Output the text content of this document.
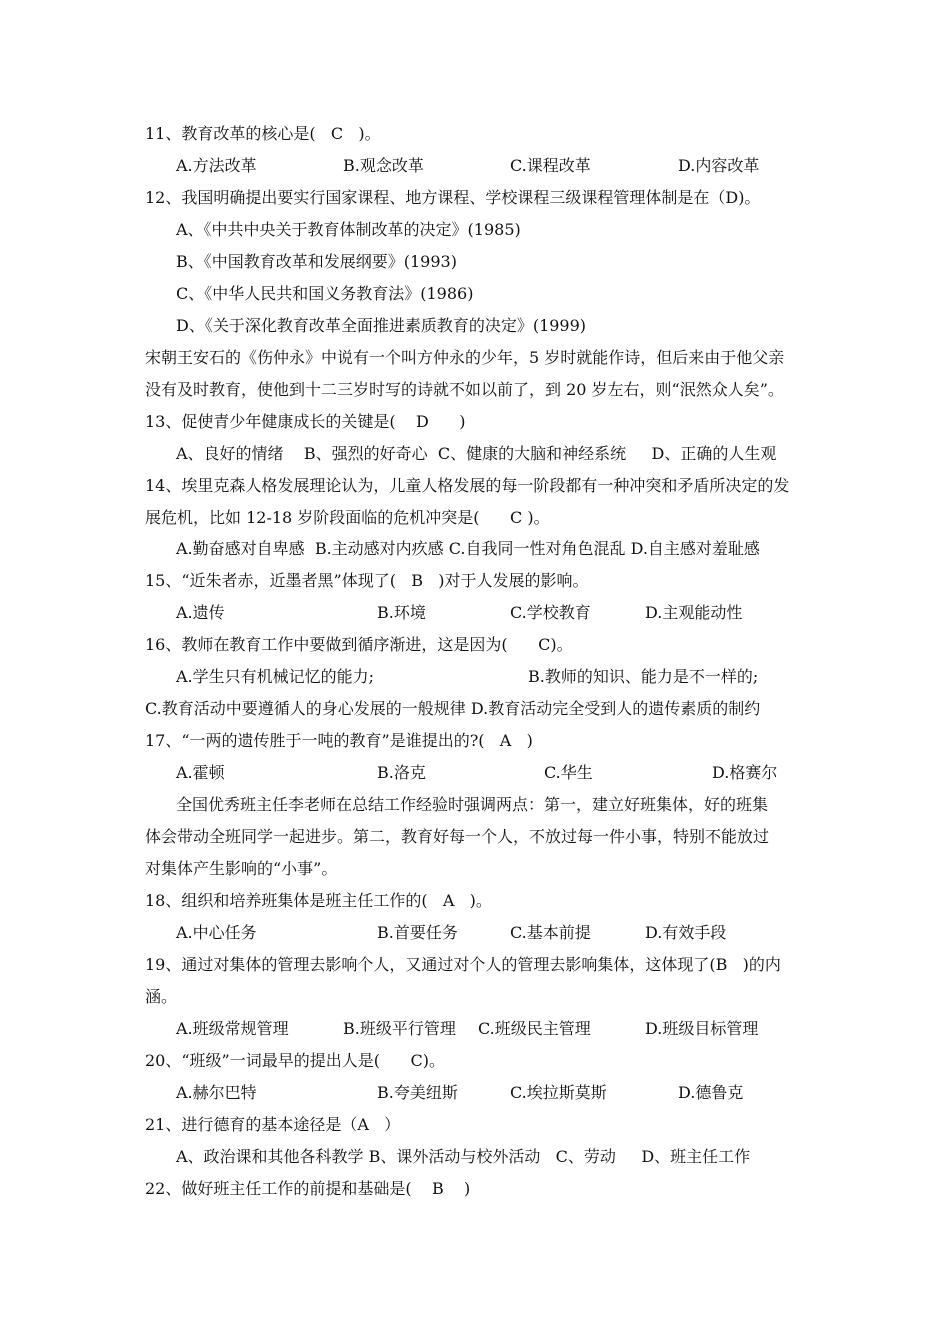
11、教育改革的核心是(   C   )。
A.方法改革	B.观念改革	C.课程改革	D.内容改革
12、我国明确提出要实行国家课程、地方课程、学校课程三级课程管理体制是在（D)。
A、《中共中央关于教育体制改革的决定》(1985)
B、《中国教育改革和发展纲要》(1993)
C、《中华人民共和国义务教育法》(1986)
D、《关于深化教育改革全面推进素质教育的决定》(1999)
宋朝王安石的《伤仲永》中说有一个叫方仲永的少年，5 岁时就能作诗，但后来由于他父亲
没有及时教育，使他到十二三岁时写的诗就不如以前了，到 20 岁左右，则“泯然众人矣”。
13、促使青少年健康成长的关键是(    D      )
A、良好的情绪    B、强烈的好奇心  C、健康的大脑和神经系统     D、正确的人生观
14、埃里克森人格发展理论认为，儿童人格发展的每一阶段都有一种冲突和矛盾所决定的发
展危机，比如 12-18 岁阶段面临的危机冲突是(      C )。
A.勤奋感对自卑感  B.主动感对内疚感 C.自我同一性对角色混乱 D.自主感对羞耻感
15、“近朱者赤，近墨者黑”体现了(   B   )对于人发展的影响。
A.遗传	B.环境	C.学校教育	D.主观能动性
16、教师在教育工作中要做到循序渐进，这是因为(      C)。
A.学生只有机械记忆的能力;	B.教师的知识、能力是不一样的;
C.教育活动中要遵循人的身心发展的一般规律 D.教育活动完全受到人的遗传素质的制约
17、“一两的遗传胜于一吨的教育”是谁提出的?(   A   )
A.霍顿	B.洛克	C.华生	D.格赛尔
全国优秀班主任李老师在总结工作经验时强调两点：第一，建立好班集体，好的班集
体会带动全班同学一起进步。第二，教育好每一个人，不放过每一件小事，特别不能放过
对集体产生影响的“小事”。
18、组织和培养班集体是班主任工作的(   A   )。
A.中心任务	B.首要任务	C.基本前提	D.有效手段
19、通过对集体的管理去影响个人，又通过对个人的管理去影响集体，这体现了(B   )的内
涵。
A.班级常规管理	B.班级平行管理 C.班级民主管理	D.班级目标管理
20、“班级”一词最早的提出人是(      C)。
A.赫尔巴特	B.夸美纽斯	C.埃拉斯莫斯	D.德鲁克
21、进行德育的基本途径是（A   ）
A、政治课和其他各科教学 B、课外活动与校外活动   C、劳动     D、班主任工作
22、做好班主任工作的前提和基础是(    B    )
